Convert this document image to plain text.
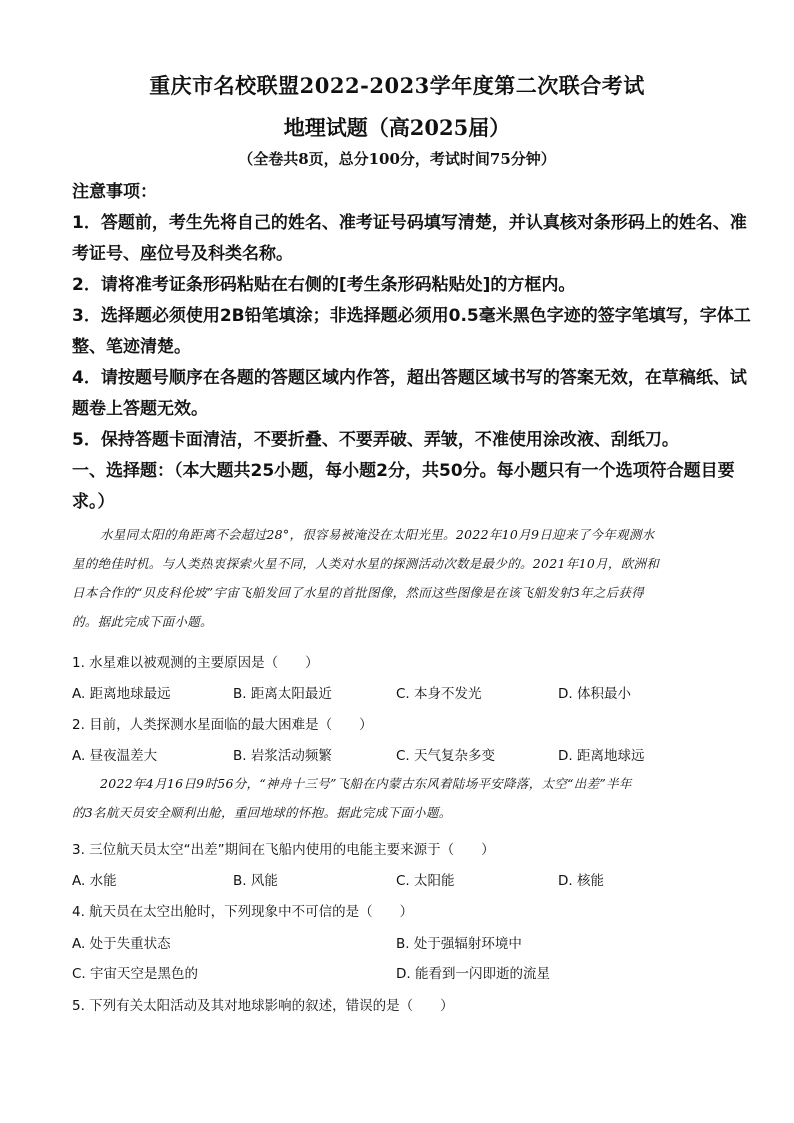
重庆市名校联盟2022-2023学年度第二次联合考试
地理试题（高2025届）
（全卷共8页，总分100分，考试时间75分钟）
注意事项：
1．答题前，考生先将自己的姓名、准考证号码填写清楚，并认真核对条形码上的姓名、准
考证号、座位号及科类名称。
2．请将准考证条形码粘贴在右侧的[考生条形码粘贴处]的方框内。
3．选择题必须使用2B铅笔填涂；非选择题必须用0.5毫米黑色字迹的签字笔填写，字体工
整、笔迹清楚。
4．请按题号顺序在各题的答题区域内作答，超出答题区域书写的答案无效，在草稿纸、试
题卷上答题无效。
5．保持答题卡面清洁，不要折叠、不要弄破、弄皱，不准使用涂改液、刮纸刀。
一、选择题：（本大题共25小题，每小题2分，共50分。每小题只有一个选项符合题目要
求。）
水星同太阳的角距离不会超过28°，很容易被淹没在太阳光里。2022年10月9日迎来了今年观测水
星的绝佳时机。与人类热衷探索火星不同，人类对水星的探测活动次数是最少的。2021年10月，欧洲和
日本合作的“贝皮科伦坡”宇宙飞船发回了水星的首批图像，然而这些图像是在该飞船发射3年之后获得
的。据此完成下面小题。
1. 水星难以被观测的主要原因是（　　）
A. 距离地球最远	B. 距离太阳最近	C. 本身不发光	D. 体积最小
2. 目前，人类探测水星面临的最大困难是（　　）
A. 昼夜温差大	B. 岩浆活动频繁	C. 天气复杂多变	D. 距离地球远
2022年4月16日9时56分，“神舟十三号”飞船在内蒙古东风着陆场平安降落，太空“出差”半年
的3名航天员安全顺利出舱，重回地球的怀抱。据此完成下面小题。
3. 三位航天员太空“出差”期间在飞船内使用的电能主要来源于（　　）
A. 水能	B. 风能	C. 太阳能	D. 核能
4. 航天员在太空出舱时，下列现象中不可信的是（　　）
A. 处于失重状态	B. 处于强辐射环境中
C. 宇宙天空是黑色的	D. 能看到一闪即逝的流星
5. 下列有关太阳活动及其对地球影响的叙述，错误的是（　　）
